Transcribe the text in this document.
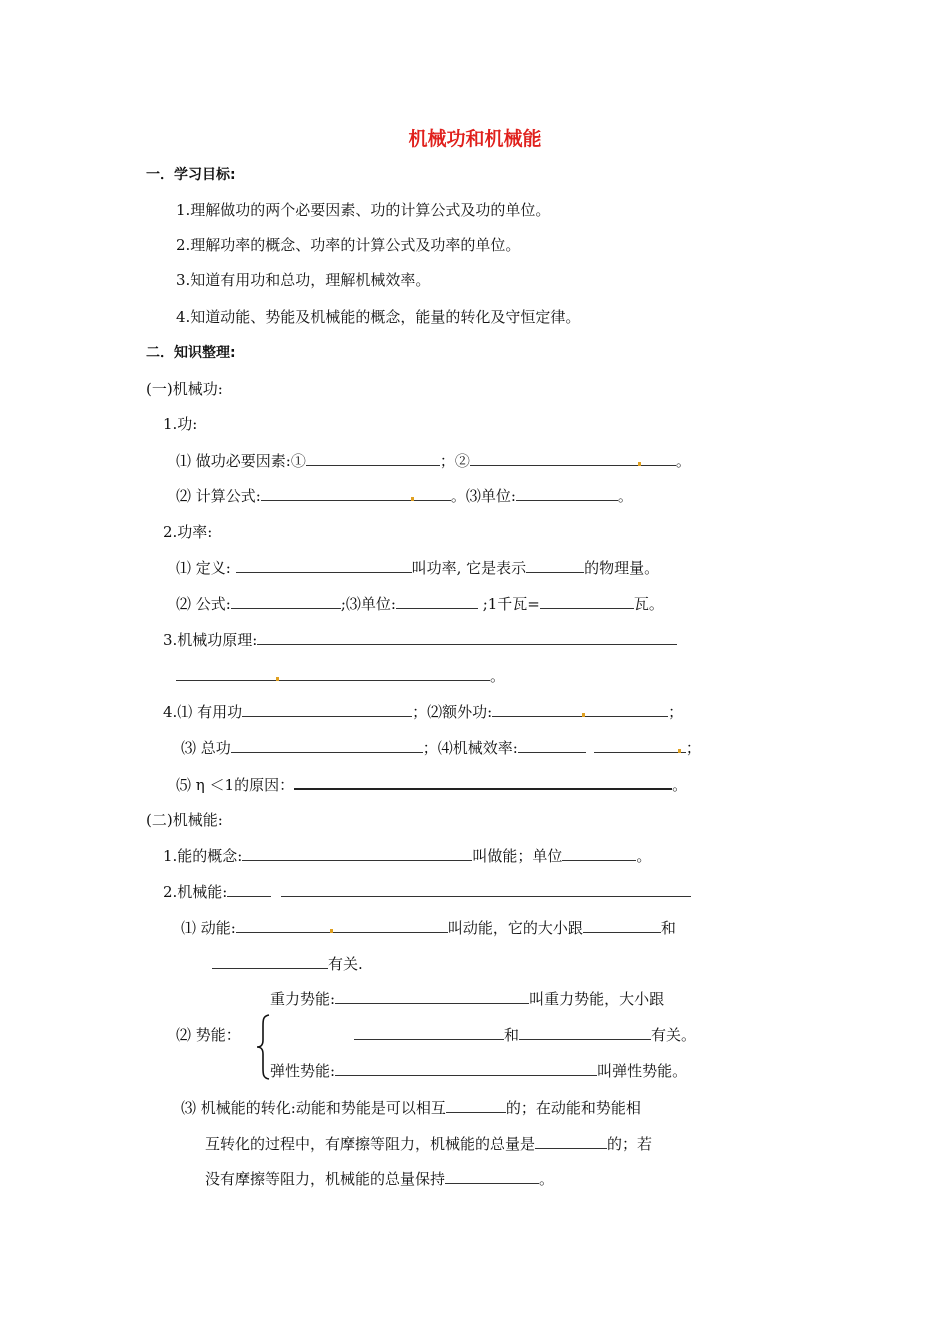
机械功和机械能
一．学习目标:
1.理解做功的两个必要因素、功的计算公式及功的单位。
2.理解功率的概念、功率的计算公式及功率的单位。
3.知道有用功和总功，理解机械效率。
4.知道动能、势能及机械能的概念，能量的转化及守恒定律。
二．知识整理:
(一)机械功:
1.功:
⑴ 做功必要因素:①	；②	。
⑵ 计算公式:	。⑶单位:	。
2.功率:
⑴ 定义:	叫功率, 它是表示	的物理量。
⑵ 公式:	;⑶单位:	;1千瓦=	瓦。
3.机械功原理:
。
4.⑴ 有用功	；⑵额外功:	；
⑶ 总功	；⑷机械效率:	；
⑸ η ＜1的原因：	。
(二)机械能:
1.能的概念:	叫做能；单位	。
2.机械能:
⑴ 动能:	叫动能，它的大小跟	和
有关.
重力势能:	叫重力势能，大小跟
⑵ 势能：	和	有关。
弹性势能:	叫弹性势能。
⑶ 机械能的转化:动能和势能是可以相互	的；在动能和势能相
互转化的过程中，有摩擦等阻力，机械能的总量是	的；若
没有摩擦等阻力，机械能的总量保持	。
